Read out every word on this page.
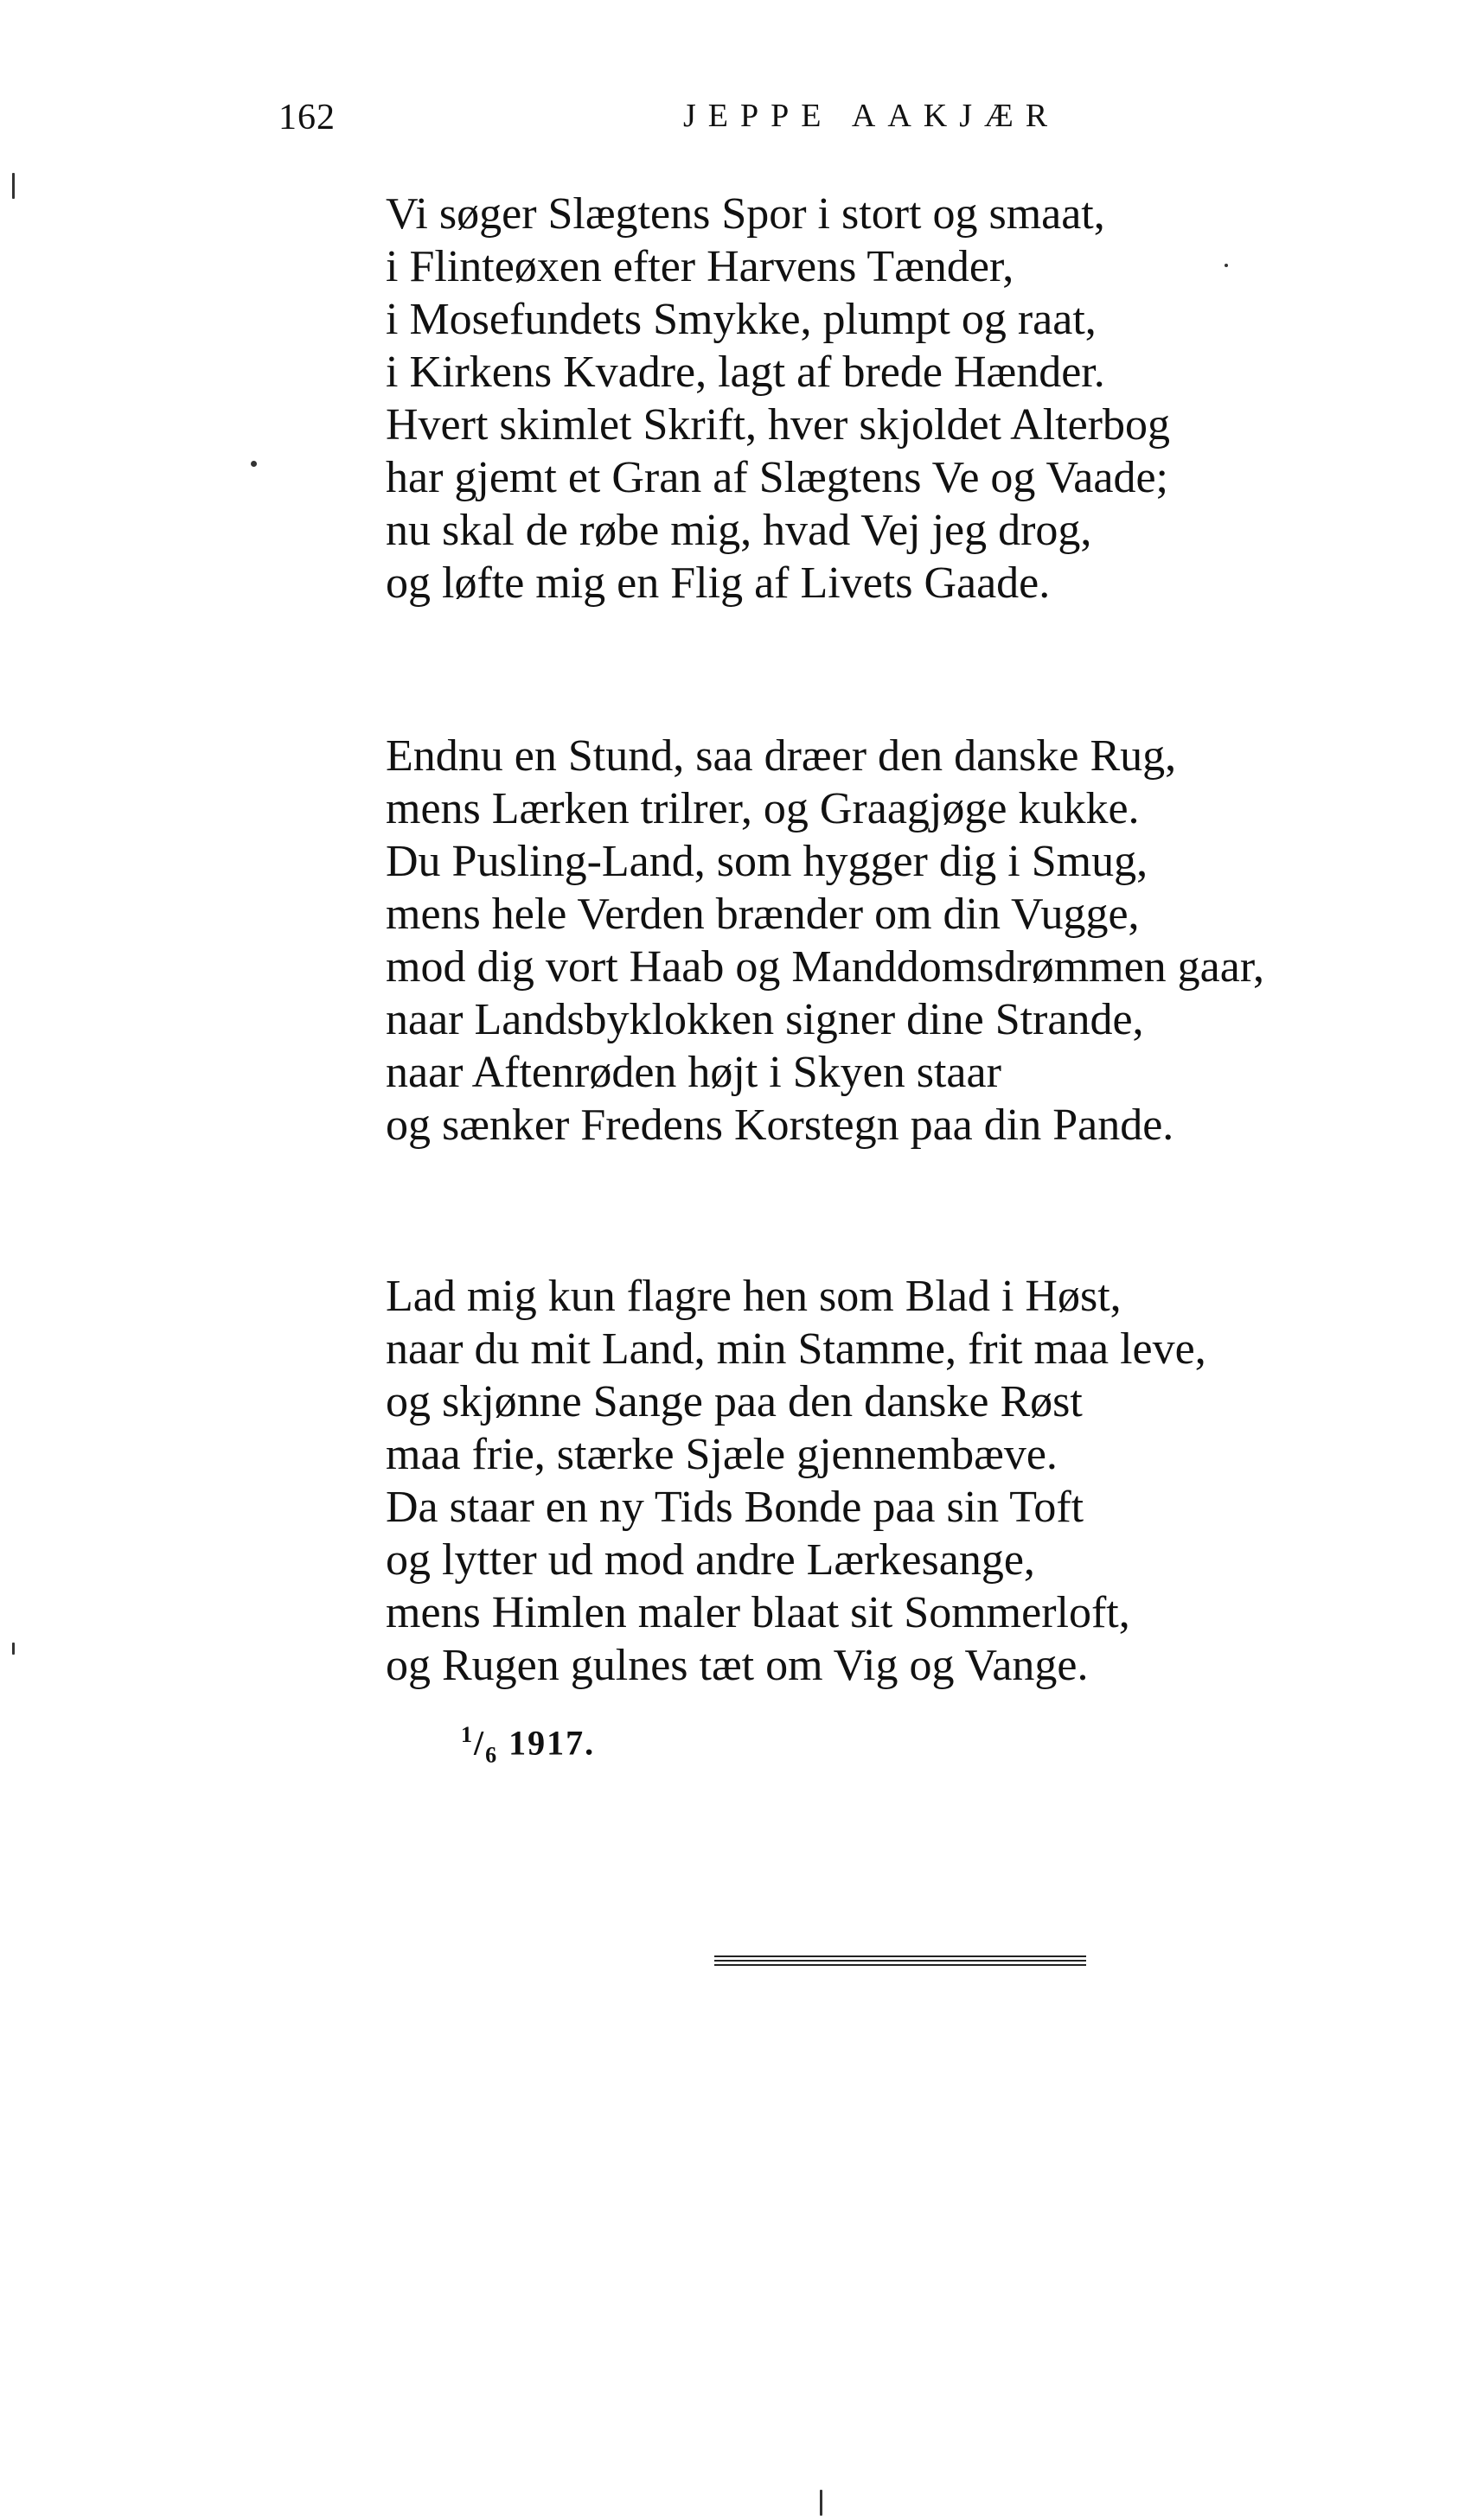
162	JEPPE AAKJÆR
Vi søger Slægtens Spor i stort og smaat,
i Flinteøxen efter Harvens Tænder,
i Mosefundets Smykke, plumpt og raat,
i Kirkens Kvadre, lagt af brede Hænder.
Hvert skimlet Skrift, hver skjoldet Alterbog
har gjemt et Gran af Slægtens Ve og Vaade;
nu skal de røbe mig, hvad Vej jeg drog,
og løfte mig en Flig af Livets Gaade.
Endnu en Stund, saa dræer den danske Rug,
mens Lærken trilrer, og Graagjøge kukke.
Du Pusling-Land, som hygger dig i Smug,
mens hele Verden brænder om din Vugge,
mod dig vort Haab og Manddomsdrømmen gaar,
naar Landsbyklokken signer dine Strande,
naar Aftenrøden højt i Skyen staar
og sænker Fredens Korstegn paa din Pande.
Lad mig kun flagre hen som Blad i Høst,
naar du mit Land, min Stamme, frit maa leve,
og skjønne Sange paa den danske Røst
maa frie, stærke Sjæle gjennembæve.
Da staar en ny Tids Bonde paa sin Toft
og lytter ud mod andre Lærkesange,
mens Himlen maler blaat sit Sommerloft,
og Rugen gulnes tæt om Vig og Vange.
$^1/_6$ 1917.
